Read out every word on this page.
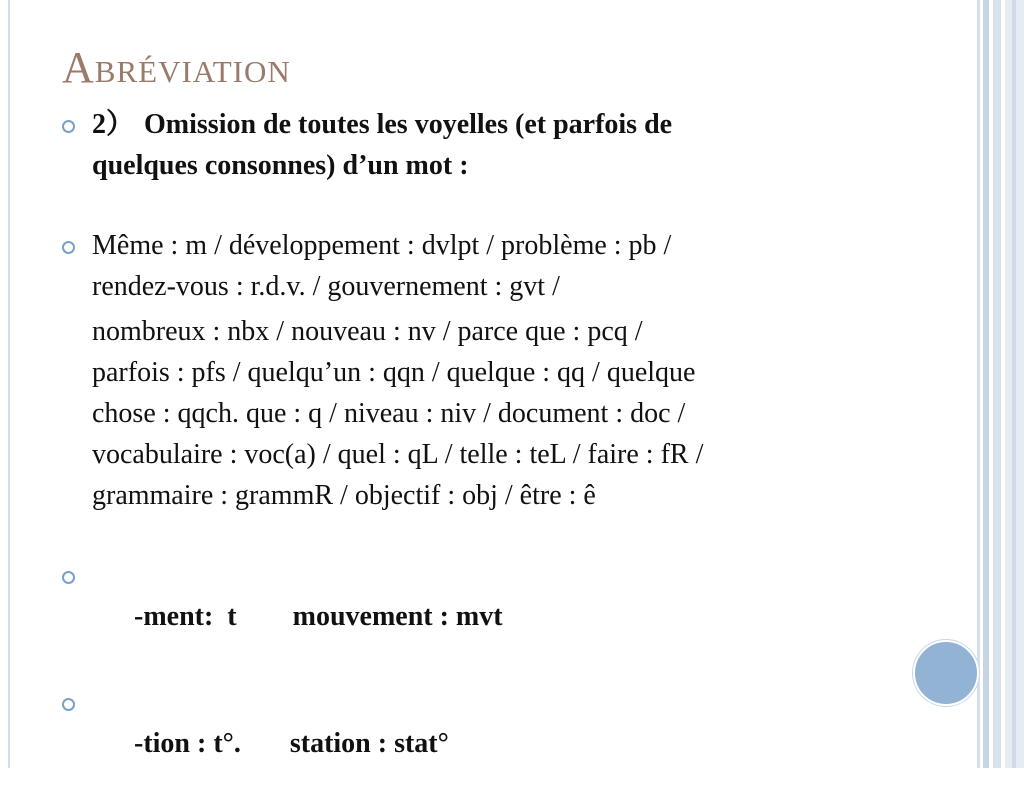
Abréviation
2） Omission de toutes les voyelles (et parfois de
quelques consonnes) d’un mot :
Même : m / développement : dvlpt / problème : pb /
rendez-vous : r.d.v. / gouvernement : gvt /
nombreux : nbx / nouveau : nv / parce que : pcq /
parfois : pfs / quelqu’un : qqn / quelque : qq / quelque
chose : qqch. que : q / niveau : niv / document : doc /
vocabulaire : voc(a) / quel : qL / telle : teL / faire : fR /
grammaire : grammR / objectif : obj / être : ê

-ment:  t        mouvement : mvt

-tion : t°.       station : stat°
